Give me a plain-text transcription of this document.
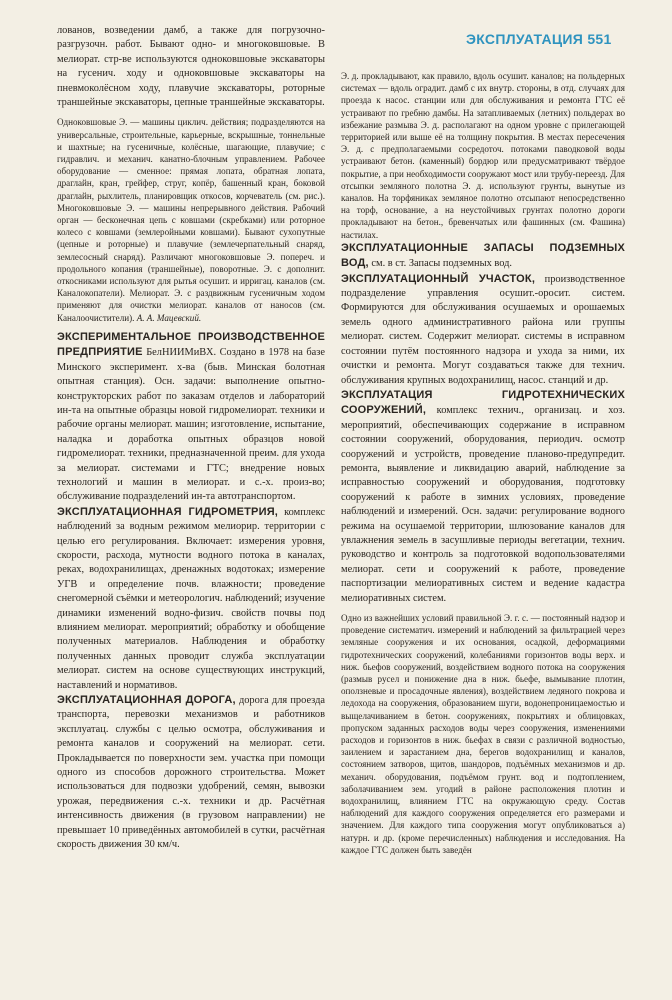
ЭКСПЛУАТАЦИЯ 551

лованов, возведении дамб, а также для погрузочно-разгрузочн. работ. Бывают одно- и многоковшовые. В мелиорат. стр-ве используются одноковшовые экскаваторы на гусенич. ходу и одноковшовые экскаваторы на пневмоколёсном ходу, плавучие экскаваторы, роторные траншейные экскаваторы, цепные траншейные экскаваторы.

Одноковшовые Э. — машины циклич. действия; подразделяются на универсальные, строительные, карьерные, вскрышные, тоннельные и шахтные; на гусеничные, колёсные, шагающие, плавучие; с гидравлич. и механич. канатно-блочным управлением. Рабочее оборудование — сменное: прямая лопата, обратная лопата, драглайн, кран, грейфер, струг, копёр, башенный кран, боковой драглайн, рыхлитель, планировщик откосов, корчеватель (см. рис.). Многоковшовые Э. — машины непрерывного действия. Рабочий орган — бесконечная цепь с ковшами (скребками) или роторное колесо с ковшами (землеройными ковшами). Бывают сухопутные (цепные и роторные) и плавучие (землечерпательный снаряд, землесосный снаряд). Различают многоковшовые Э. попереч. и продольного копания (траншейные), поворотные. Э. с дополнит. откосниками используют для рытья осушит. и ирригац. каналов (см. Каналокопатели). Мелиорат. Э. с раздвижным гусеничным ходом применяют для очистки мелиорат. каналов от наносов (см. Каналоочистители). А. А. Мацевский.

ЭКСПЕРИМЕНТАЛЬНОЕ ПРОИЗВОДСТВЕННОЕ ПРЕДПРИЯТИЕ БелНИИМиВХ. Создано в 1978 на базе Минского эксперимент. х-ва (быв. Минская болотная опытная станция). Осн. задачи: выполнение опытно-конструкторских работ по заказам отделов и лабораторий ин-та на опытные образцы новой гидромелиорат. техники и рабочие органы мелиорат. машин; изготовление, испытание, наладка и доработка опытных образцов новой гидромелиорат. техники, предназначенной преим. для ухода за мелиорат. системами и ГТС; внедрение новых технологий и машин в мелиорат. и с.-х. произ-во; обслуживание подразделений ин-та автотранспортом.

ЭКСПЛУАТАЦИОННАЯ ГИДРОМЕТРИЯ, комплекс наблюдений за водным режимом мелиорир. территории с целью его регулирования. Включает: измерения уровня, скорости, расхода, мутности водного потока в каналах, реках, водохранилищах, дренажных водотоках; измерение УГВ и определение почв. влажности; проведение снегомерной съёмки и метеорологич. наблюдений; изучение динамики изменений водно-физич. свойств почвы под влиянием мелиорат. мероприятий; обработку и обобщение полученных материалов. Наблюдения и обработку полученных данных проводит служба эксплуатации мелиорат. систем на основе существующих инструкций, наставлений и нормативов.

ЭКСПЛУАТАЦИОННАЯ ДОРОГА, дорога для проезда транспорта, перевозки механизмов и работников эксплуатац. службы с целью осмотра, обслуживания и ремонта каналов и сооружений на мелиорат. сети. Прокладывается по поверхности зем. участка при помощи одного из способов дорожного строительства. Может использоваться для подвозки удобрений, семян, вывозки урожая, передвижения с.-х. техники и др. Расчётная интенсивность движения (в грузовом направлении) не превышает 10 приведённых автомобилей в сутки, расчётная скорость движения 30 км/ч.

Э. д. прокладывают, как правило, вдоль осушит. каналов; на польдерных системах — вдоль оградит. дамб с их внутр. стороны, в отд. случаях для проезда к насос. станции или для обслуживания и ремонта ГТС её устраивают по гребню дамбы. На затапливаемых (летних) польдерах во избежание размыва Э. д. располагают на одном уровне с прилегающей территорией или выше её на толщину покрытия. В местах пересечения Э. д. с предполагаемыми сосредоточ. потоками паводковой воды устраивают бетон. (каменный) бордюр или предусматривают твёрдое покрытие, а при необходимости сооружают мост или трубу-переезд. Для отсыпки земляного полотна Э. д. используют грунты, вынутые из каналов. На торфяниках земляное полотно отсыпают непосредственно на торф, основание, а на неустойчивых грунтах полотно дороги прокладывают на бетон., бревенчатых или фашинных (см. Фашина) настилах.

ЭКСПЛУАТАЦИОННЫЕ ЗАПАСЫ ПОДЗЕМНЫХ ВОД, см. в ст. Запасы подземных вод.

ЭКСПЛУАТАЦИОННЫЙ УЧАСТОК, производственное подразделение управления осушит.-оросит. систем. Формируются для обслуживания осушаемых и орошаемых земель одного административного района или группы мелиорат. систем. Содержит мелиорат. системы в исправном состоянии путём постоянного надзора и ухода за ними, их очистки и ремонта. Могут создаваться также для технич. обслуживания крупных водохранилищ, насос. станций и др.

ЭКСПЛУАТАЦИЯ ГИДРОТЕХНИЧЕСКИХ СООРУЖЕНИЙ, комплекс технич., организац. и хоз. мероприятий, обеспечивающих содержание в исправном состоянии сооружений, оборудования, периодич. осмотр сооружений и устройств, проведение планово-предупредит. ремонта, выявление и ликвидацию аварий, наблюдение за исправностью сооружений и оборудования, подготовку сооружений к работе в зимних условиях, проведение наблюдений и измерений. Осн. задачи: регулирование водного режима на осушаемой территории, шлюзование каналов для увлажнения земель в засушливые периоды вегетации, технич. руководство и контроль за подготовкой водопользователями мелиорат. сети и сооружений к работе, проведение паспортизации мелиоративных систем и ведение кадастра мелиоративных систем.

Одно из важнейших условий правильной Э. г. с. — постоянный надзор и проведение систематич. измерений и наблюдений за фильтрацией через земляные сооружения и их основания, осадкой, деформациями гидротехнических сооружений, колебаниями горизонтов воды верх. и ниж. бьефов сооружений, воздействием водного потока на сооружения (размыв русел и понижение дна в ниж. бьефе, вымывание плотин, оползневые и просадочные явления), воздействием ледяного покрова и ледохода на сооружения, образованием шуги, водонепроницаемостью и выщелачиванием в бетон. сооружениях, покрытиях и облицовках, пропуском заданных расходов воды через сооружения, изменениями расходов и горизонтов в ниж. бьефах в связи с различной водностью, заилением и зарастанием дна, берегов водохранилищ и каналов, состоянием затворов, щитов, шандоров, подъёмных механизмов и др. механич. оборудования, подъёмом грунт. вод и подтоплением, заболачиванием зем. угодий в районе расположения плотин и водохранилищ, влиянием ГТС на окружающую среду. Состав наблюдений для каждого сооружения определяется его размерами и значением. Для каждого типа сооружения могут опубликоваться а) натурн. и др. (кроме перечисленных) наблюдения и исследования. На каждое ГТС должен быть заведён
